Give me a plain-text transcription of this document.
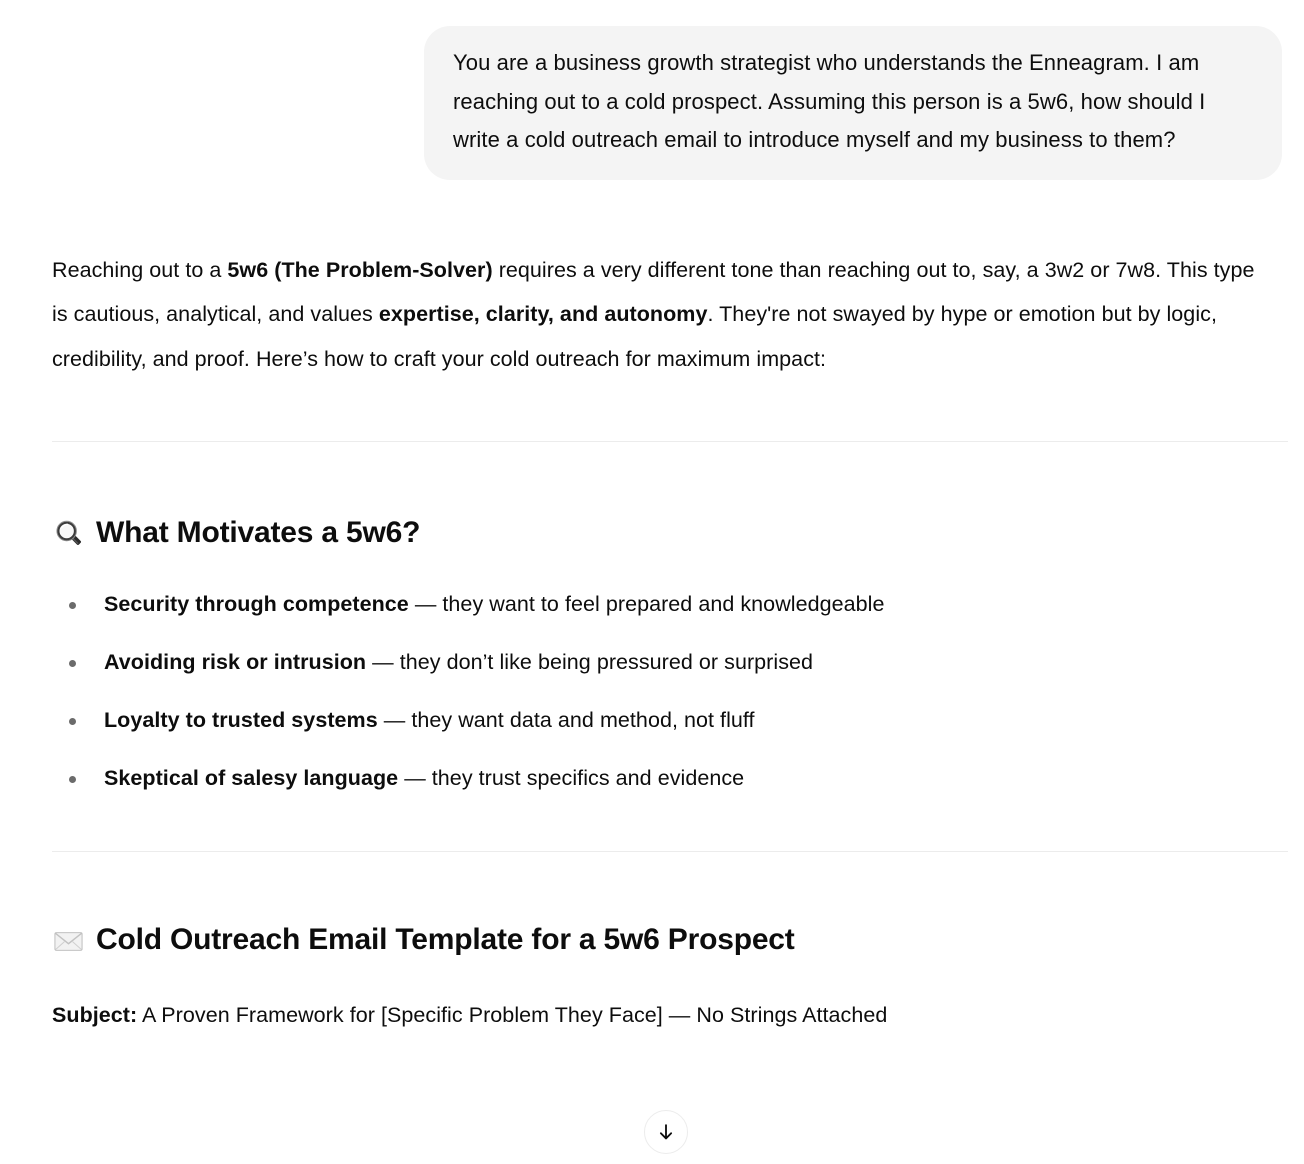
You are a business growth strategist who understands the Enneagram. I am reaching out to a cold prospect. Assuming this person is a 5w6, how should I write a cold outreach email to introduce myself and my business to them?

Reaching out to a 5w6 (The Problem-Solver) requires a very different tone than reaching out to, say, a 3w2 or 7w8. This type is cautious, analytical, and values expertise, clarity, and autonomy. They're not swayed by hype or emotion but by logic, credibility, and proof. Here’s how to craft your cold outreach for maximum impact:

What Motivates a 5w6?
Security through competence — they want to feel prepared and knowledgeable
Avoiding risk or intrusion — they don’t like being pressured or surprised
Loyalty to trusted systems — they want data and method, not fluff
Skeptical of salesy language — they trust specifics and evidence
Cold Outreach Email Template for a 5w6 Prospect

Subject: A Proven Framework for [Specific Problem They Face] — No Strings Attached
